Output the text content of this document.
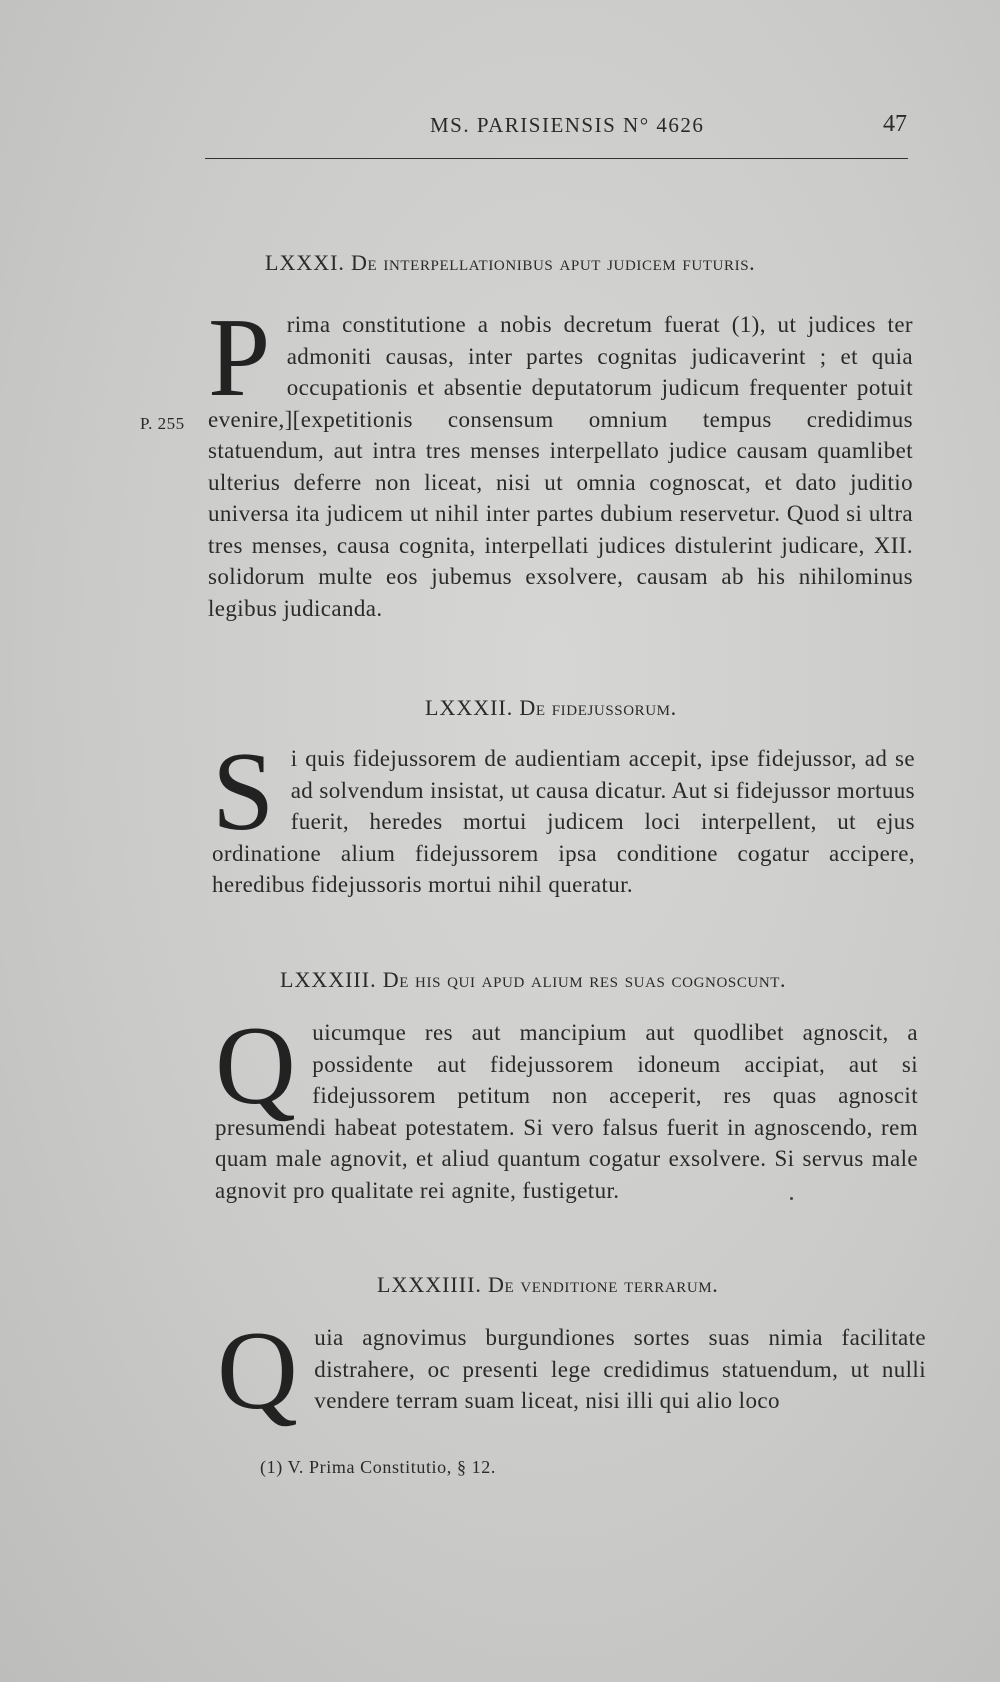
MS. PARISIENSIS N° 4626	47
LXXXI. De interpellationibus aput judicem futuris.
P rima constitutione a nobis decretum fuerat (1), ut judices ter admoniti causas, inter partes cognitas judicaverint ; et quia occupationis et absentie deputatorum judicum frequenter potuit evenire,][expetitionis consensum omnium tempus credidimus statuendum, aut intra tres menses interpellato judice causam quamlibet ulterius deferre non liceat, nisi ut omnia cognoscat, et dato juditio universa ita judicem ut nihil inter partes dubium reservetur. Quod si ultra tres menses, causa cognita, interpellati judices distulerint judicare, XII. solidorum multe eos jubemus exsolvere, causam ab his nihilominus legibus judicanda.
P. 255
LXXXII. De fidejussorum.
S i quis fidejussorem de audientiam accepit, ipse fidejussor, ad se ad solvendum insistat, ut causa dicatur. Aut si fidejussor mortuus fuerit, heredes mortui judicem loci interpellent, ut ejus ordinatione alium fidejussorem ipsa conditione cogatur accipere, heredibus fidejussoris mortui nihil queratur.
LXXXIII. De his qui apud alium res suas cognoscunt.
Q uicumque res aut mancipium aut quodlibet agnoscit, a possidente aut fidejussorem idoneum accipiat, aut si fidejussorem petitum non acceperit, res quas agnoscit presumendi habeat potestatem. Si vero falsus fuerit in agnoscendo, rem quam male agnovit, et aliud quantum cogatur exsolvere. Si servus male agnovit pro qualitate rei agnite, fustigetur.
LXXXIIII. De venditione terrarum.
Q uia agnovimus burgundiones sortes suas nimia facilitate distrahere, oc presenti lege credidimus statuendum, ut nulli vendere terram suam liceat, nisi illi qui alio loco
(1) V. Prima Constitutio, § 12.
